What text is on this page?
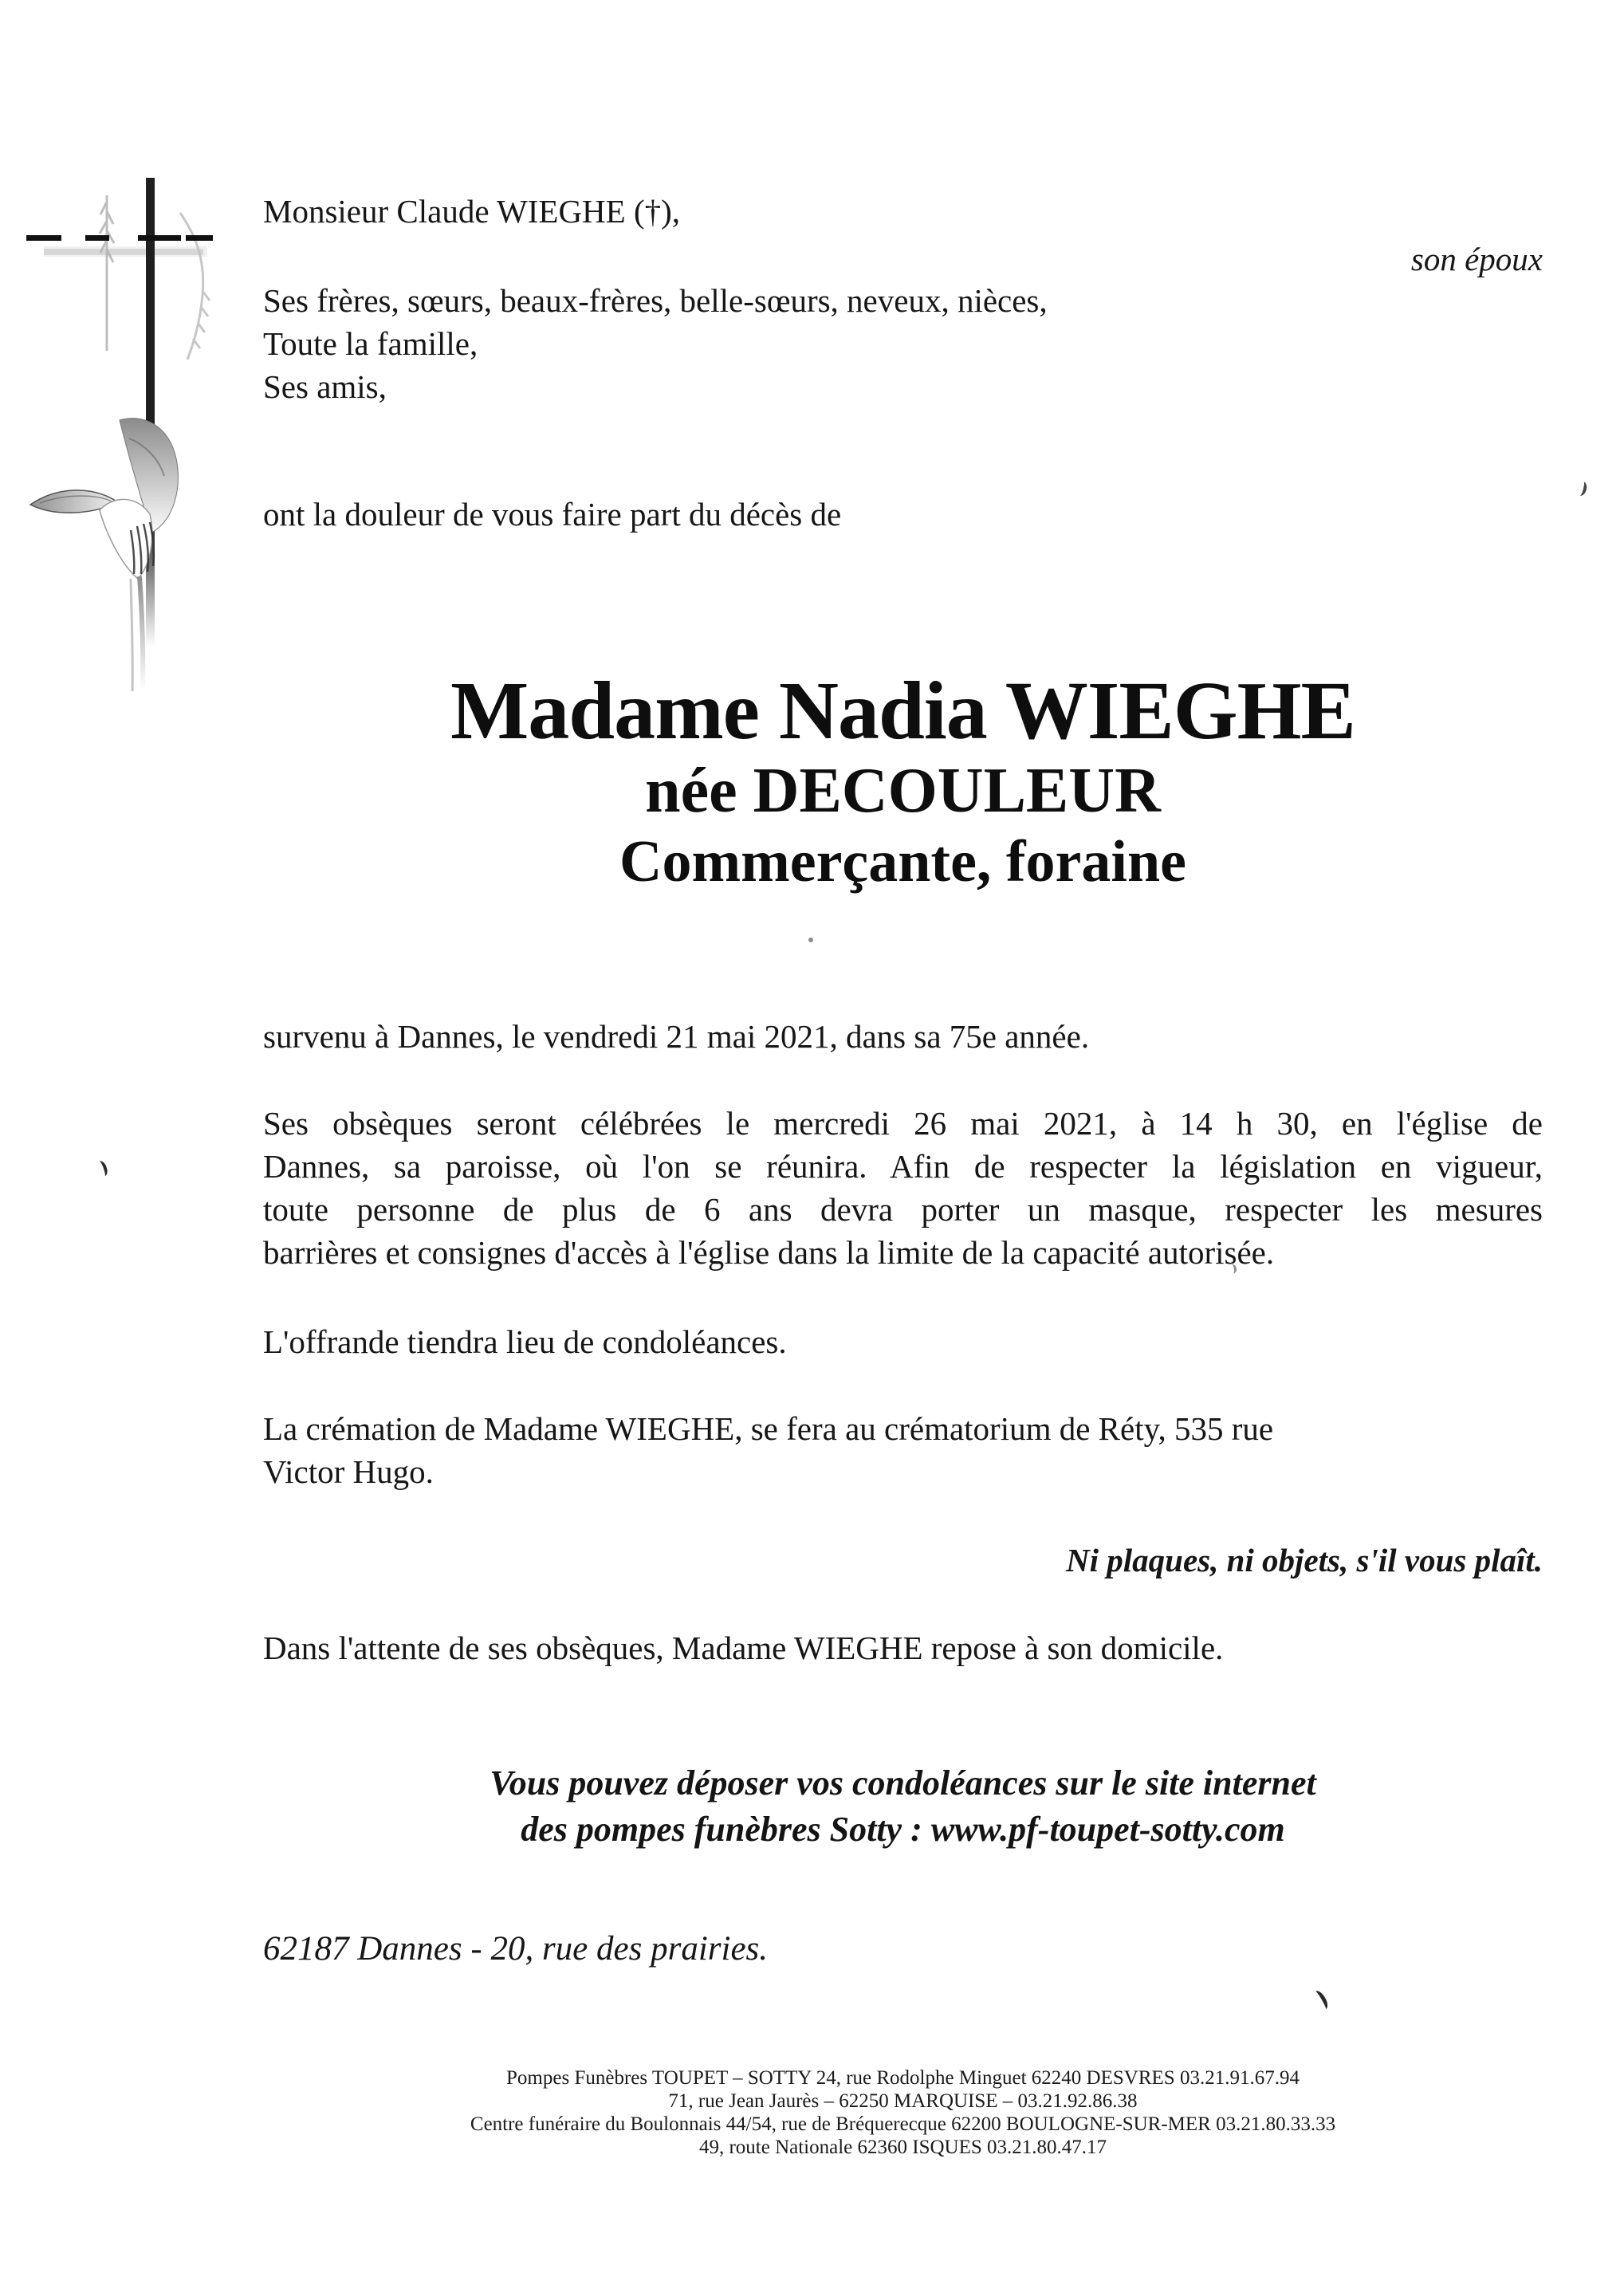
Monsieur Claude WIEGHE (†),
son époux
Ses frères, sœurs, beaux-frères, belle-sœurs, neveux, nièces,
Toute la famille,
Ses amis,
ont la douleur de vous faire part du décès de
Madame Nadia WIEGHE
née DECOULEUR
Commerçante, foraine
survenu à Dannes, le vendredi 21 mai 2021, dans sa 75e année.
Ses obsèques seront célébrées le mercredi 26 mai 2021, à 14 h 30, en l'église de
Dannes, sa paroisse, où l'on se réunira. Afin de respecter la législation en vigueur,
toute personne de plus de 6 ans devra porter un masque, respecter les mesures
barrières et consignes d'accès à l'église dans la limite de la capacité autorisée.
L'offrande tiendra lieu de condoléances.
La crémation de Madame WIEGHE, se fera au crématorium de Réty, 535 rue
Victor Hugo.
Ni plaques, ni objets, s'il vous plaît.
Dans l'attente de ses obsèques, Madame WIEGHE repose à son domicile.
Vous pouvez déposer vos condoléances sur le site internet
des pompes funèbres Sotty : www.pf-toupet-sotty.com
62187 Dannes - 20, rue des prairies.
Pompes Funèbres TOUPET – SOTTY 24, rue Rodolphe Minguet 62240 DESVRES 03.21.91.67.94
71, rue Jean Jaurès – 62250 MARQUISE – 03.21.92.86.38
Centre funéraire du Boulonnais 44/54, rue de Bréquerecque 62200 BOULOGNE-SUR-MER 03.21.80.33.33
49, route Nationale 62360 ISQUES 03.21.80.47.17
